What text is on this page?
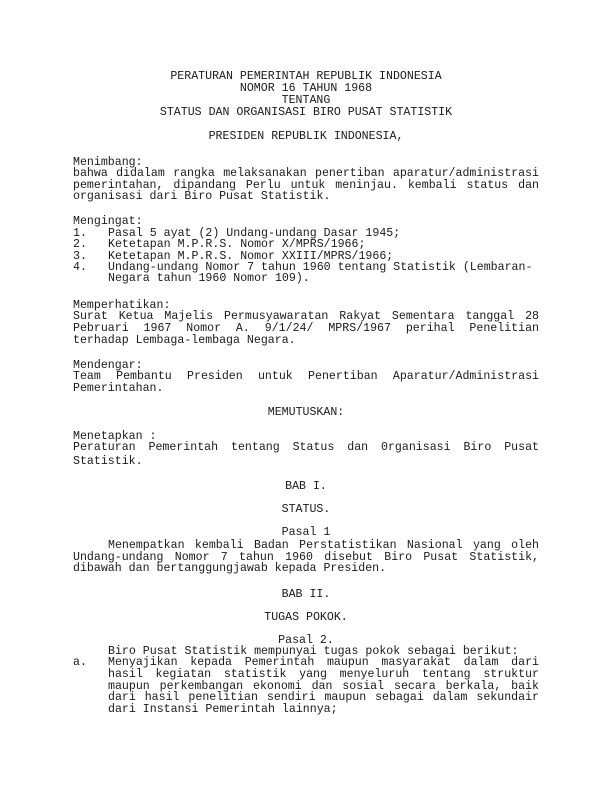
PERATURAN PEMERINTAH REPUBLIK INDONESIA
NOMOR 16 TAHUN 1968
TENTANG
STATUS DAN ORGANISASI BIRO PUSAT STATISTIK
PRESIDEN REPUBLIK INDONESIA,
Menimbang:
bahwa didalam rangka melaksanakan penertiban aparatur/administrasi
pemerintahan, dipandang Perlu untuk meninjau. kembali status dan
organisasi dari Biro Pusat Statistik.
Mengingat:
1.	Pasal 5 ayat (2) Undang-undang Dasar 1945;
2.	Ketetapan M.P.R.S. Nomor X/MPRS/1966;
3.	Ketetapan M.P.R.S. Nomor XXIII/MPRS/1966;
4.	Undang-undang Nomor 7 tahun 1960 tentang Statistik (Lembaran-
Negara tahun 1960 Nomor 109).
Memperhatikan:
Surat Ketua Majelis Permusyawaratan Rakyat Sementara tanggal 28
Pebruari 1967 Nomor A. 9/1/24/ MPRS/1967 perihal Penelitian
terhadap Lembaga-lembaga Negara.
Mendengar:
Team Pembantu Presiden untuk Penertiban Aparatur/Administrasi
Pemerintahan.
MEMUTUSKAN:
Menetapkan :
Peraturan Pemerintah tentang Status dan 0rganisasi Biro Pusat
Statistik.
BAB I.
STATUS.
Pasal 1
Menempatkan kembali Badan Perstatistikan Nasional yang oleh
Undang-undang Nomor 7 tahun 1960 disebut Biro Pusat Statistik,
dibawah dan bertanggungjawab kepada Presiden.
BAB II.
TUGAS POKOK.
Pasal 2.
Biro Pusat Statistik mempunyai tugas pokok sebagai berikut:
a.	Menyajikan kepada Pemerintah maupun masyarakat dalam dari
hasil kegiatan statistik yang menyeluruh tentang struktur
maupun perkembangan ekonomi dan sosial secara berkala, baik
dari hasil penelitian sendiri maupun sebagai dalam sekundair
dari Instansi Pemerintah lainnya;
